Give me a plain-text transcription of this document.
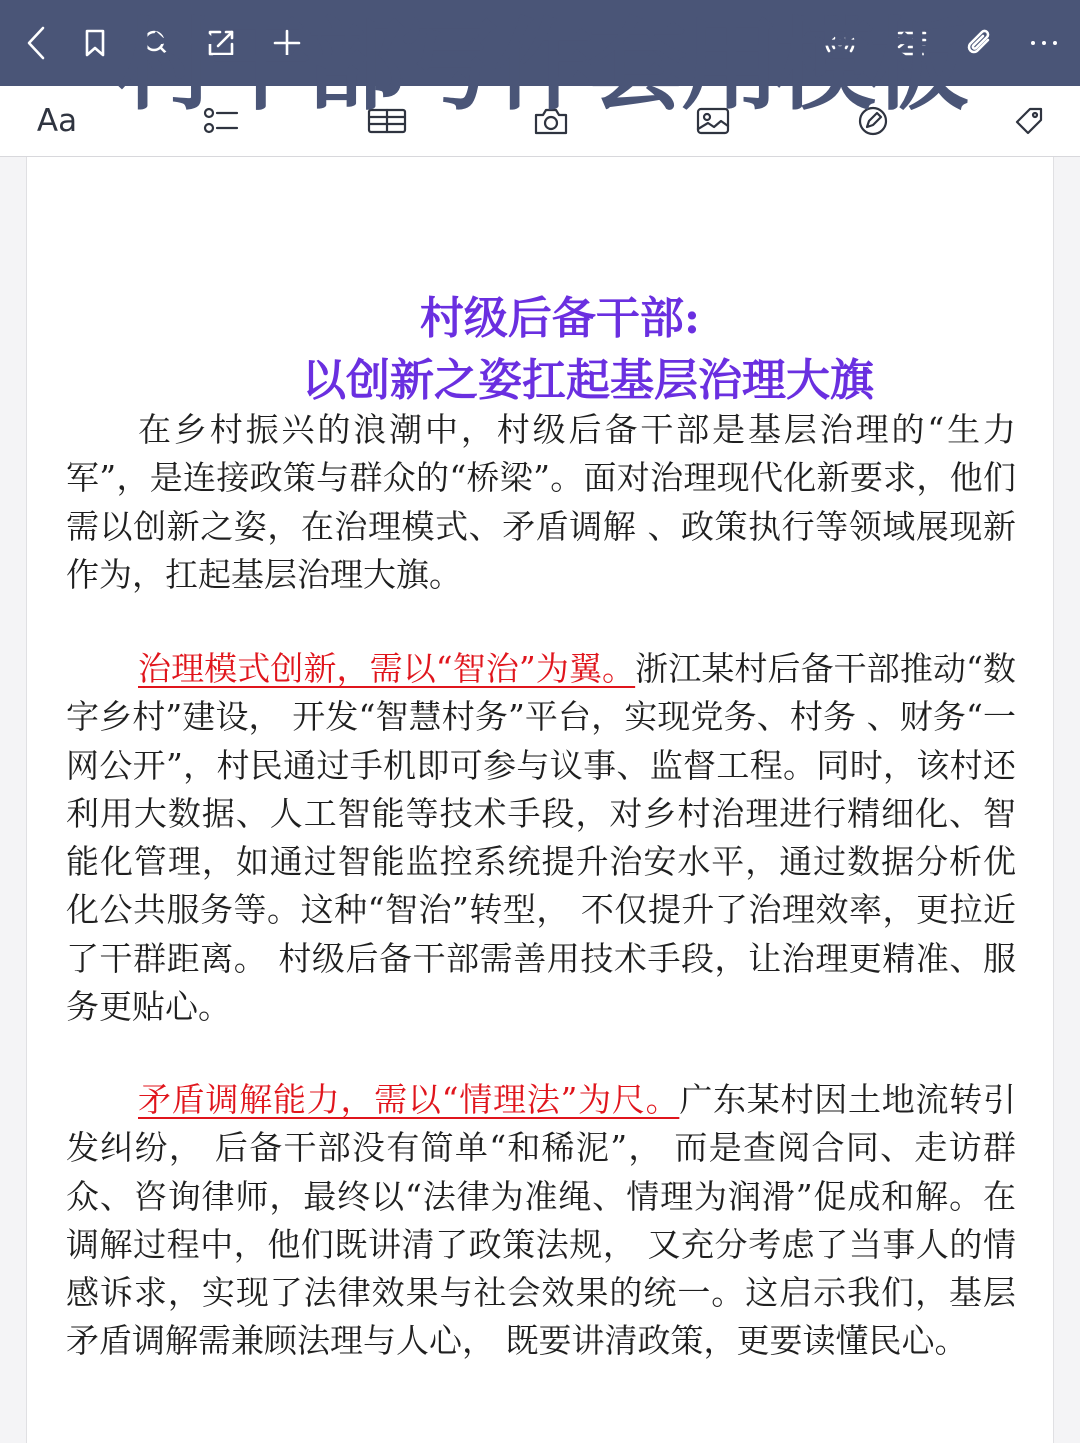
Aa 村干部写作套用模板
村级后备干部:
以创新之姿扛起基层治理大旗
在乡村振兴的浪潮中，村级后备干部是基层治理的“生力军”，是连接政策与群众的“桥梁”。面对治理现代化新要求，他们需以创新之姿，在治理模式、矛盾调解 、政策执行等领域展现新作为，扛起基层治理大旗。
治理模式创新，需以“智治”为翼。浙江某村后备干部推动“数字乡村”建设， 开发“智慧村务”平台，实现党务、村务 、财务“一网公开”，村民通过手机即可参与议事、监督工程。同时，该村还利用大数据、人工智能等技术手段，对乡村治理进行精细化、智能化管理，如通过智能监控系统提升治安水平，通过数据分析优化公共服务等。这种“智治”转型， 不仅提升了治理效率，更拉近了干群距离。 村级后备干部需善用技术手段，让治理更精准、服务更贴心。
矛盾调解能力，需以“情理法”为尺。广东某村因土地流转引发纠纷， 后备干部没有简单“和稀泥”， 而是查阅合同、走访群众、咨询律师，最终以“法律为准绳、情理为润滑”促成和解。在调解过程中，他们既讲清了政策法规， 又充分考虑了当事人的情感诉求，实现了法律效果与社会效果的统一。这启示我们，基层矛盾调解需兼顾法理与人心， 既要讲清政策，更要读懂民心。
